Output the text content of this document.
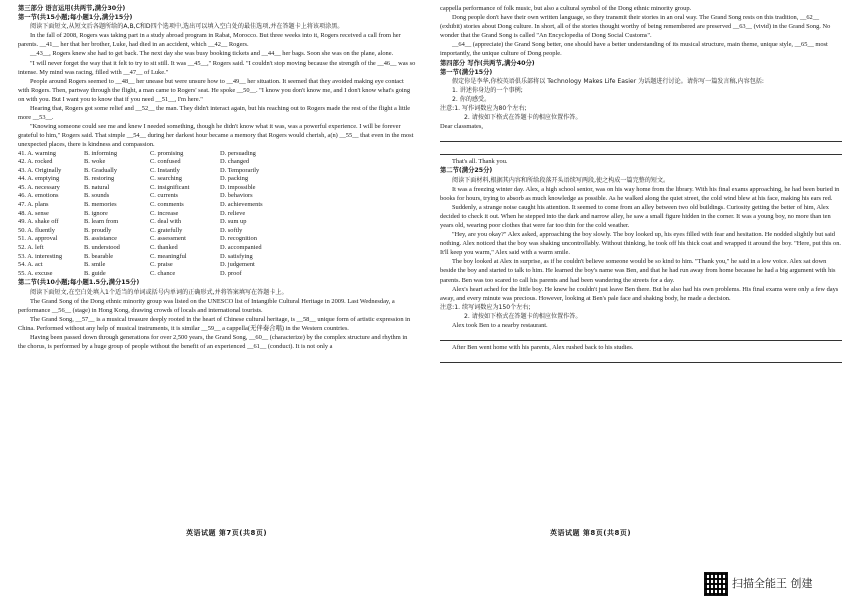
第三部分 语言运用(共两节,满分30分)

第一节(共15小题;每小题1分,满分15分)

阅读下面短文,从短文后各题所给的A,B,C和D四个选项中,选出可以填入空白处的最佳选项,并在答题卡上将该项涂黑。

In the fall of 2008, Rogers was taking part in a study abroad program in Rabat, Morocco. But three weeks into it, Rogers received a call from her parents. __41__ her that her brother, Luke, had died in an accident, which __42__ Rogers.

__43__, Rogers knew she had to get back. The next day she was busy booking tickets and __44__ her bags. Soon she was on the plane, alone.

"I will never forget the way that it felt to try to sit still. It was __45__," Rogers said. "I couldn't stop moving because the strength of the __46__ was so intense. My mind was racing, filled with __47__ of Luke."

People around Rogers seemed to __48__ her unease but were unsure how to __49__ her situation. It seemed that they avoided making eye contact with Rogers. Then, partway through the flight, a man came to Rogers' seat. He spoke __50__. "I know you don't know me, and I don't know what's going on with you. But I want you to know that if you need __51__, I'm here."

Hearing that, Rogers got some relief and __52__ the man. They didn't interact again, but his reaching out to Rogers made the rest of the flight a little more __53__.

"Knowing someone could see me and knew I needed something, though he didn't know what it was, was a powerful experience. I will be forever grateful to him," Rogers said. That simple __54__ during her darkest hour became a memory that Rogers would cherish, a(n) __55__ that even in the most unexpected places, there is kindness and compassion.

41. A. warning	B. informing	C. promising	D. persuading
42. A. rocked	B. woke	C. confused	D. changed
43. A. Originally	B. Gradually	C. Instantly	D. Temporarily
44. A. emptying	B. restoring	C. searching	D. packing
45. A. necessary	B. natural	C. insignificant	D. impossible
46. A. emotions	B. sounds	C. currents	D. behaviors
47. A. plans	B. memories	C. comments	D. achievements
48. A. sense	B. ignore	C. increase	D. relieve
49. A. shake off	B. learn from	C. deal with	D. sum up
50. A. fluently	B. proudly	C. gratefully	D. softly
51. A. approval	B. assistance	C. assessment	D. recognition
52. A. left	B. understood	C. thanked	D. accompanied
53. A. interesting	B. bearable	C. meaningful	D. satisfying
54. A. act	B. smile	C. praise	D. judgement
55. A. excuse	B. guide	C. chance	D. proof

第二节(共10小题;每小题1.5分,满分15分)

阅读下面短文,在空白处填入1个适当的单词或括号内单词的正确形式,并将答案填写在答题卡上。

The Grand Song of the Dong ethnic minority group was listed on the UNESCO list of Intangible Cultural Heritage in 2009. Last Wednesday, a performance __56__ (stage) in Hong Kong, drawing crowds of locals and international tourists.

The Grand Song, __57__ is a musical treasure deeply rooted in the heart of Chinese cultural heritage, is __58__ unique form of artistic expression in China. Performed without any help of musical instruments, it is similar __59__ a cappella(无伴奏合唱) in the Western countries.

Having been passed down through generations for over 2,500 years, the Grand Song, __60__ (characterize) by the complex structure and rhythm in the chorus, is performed by a huge group of people without the benefit of an experienced __61__ (conduct). It is not only a

英语试题 第7页(共8页)

cappella performance of folk music, but also a cultural symbol of the Dong ethnic minority group.

Dong people don't have their own written language, so they transmit their stories in an oral way. The Grand Song rests on this tradition, __62__ (exhibit) stories about Dong culture. In short, all of the stories thought worthy of being remembered are preserved __63__ (vivid) in the Grand Song. No wonder that the Grand Song is called "An Encyclopedia of Dong Social Customs".

__64__ (appreciate) the Grand Song better, one should have a better understanding of its musical structure, main theme, unique style, __65__ most importantly, the unique culture of Dong people.

第四部分 写作(共两节,满分40分)

第一节(满分15分)

假定你是李华,你校英语俱乐部将以 Technology Makes Life Easier 为话题进行讨论。请你写一篇发言稿,内容包括:

1. 讲述你身边的一个事例;

2. 你的感受。

注意:1. 写作词数应为80个左右;

2. 请按如下格式在答题卡的相应位置作答。

Dear classmates,

That's all. Thank you.

第二节(满分25分)

阅读下面材料,根据其内容和所给段落开头语续写两段,使之构成一篇完整的短文。

It was a freezing winter day. Alex, a high school senior, was on his way home from the library. With his final exams approaching, he had been buried in books for hours, trying to absorb as much knowledge as possible. As he walked along the quiet street, the cold wind blew at his face, making his ears red.

Suddenly, a strange noise caught his attention. It seemed to come from an alley between two old buildings. Curiosity getting the better of him, Alex decided to check it out. When he stepped into the dark and narrow alley, he saw a small figure hidden in the corner. It was a young boy, no more than ten years old, wearing poor clothes that were far too thin for the cold weather.

"Hey, are you okay?" Alex asked, approaching the boy slowly. The boy looked up, his eyes filled with fear and hesitation. He nodded slightly but said nothing. Alex noticed that the boy was shaking uncontrollably. Without thinking, he took off his thick coat and wrapped it around the boy. "Here, put this on. It'll keep you warm," Alex said with a warm smile.

The boy looked at Alex in surprise, as if he couldn't believe someone would be so kind to him. "Thank you," he said in a low voice. Alex sat down beside the boy and started to talk to him. He learned the boy's name was Ben, and that he had run away from home because he had a big argument with his parents. Ben was too scared to call his parents and had been wandering the streets for a day.

Alex's heart ached for the little boy. He knew he couldn't just leave Ben there. But he also had his own problems. His final exams were only a few days away, and every minute was precious. However, looking at Ben's pale face and shaking body, he made a decision.

注意:1. 续写词数应为150个左右;

2. 请按如下格式在答题卡的相应位置作答。

Alex took Ben to a nearby restaurant.

After Ben went home with his parents, Alex rushed back to his studies.

英语试题 第8页(共8页)
扫描全能王 创建
